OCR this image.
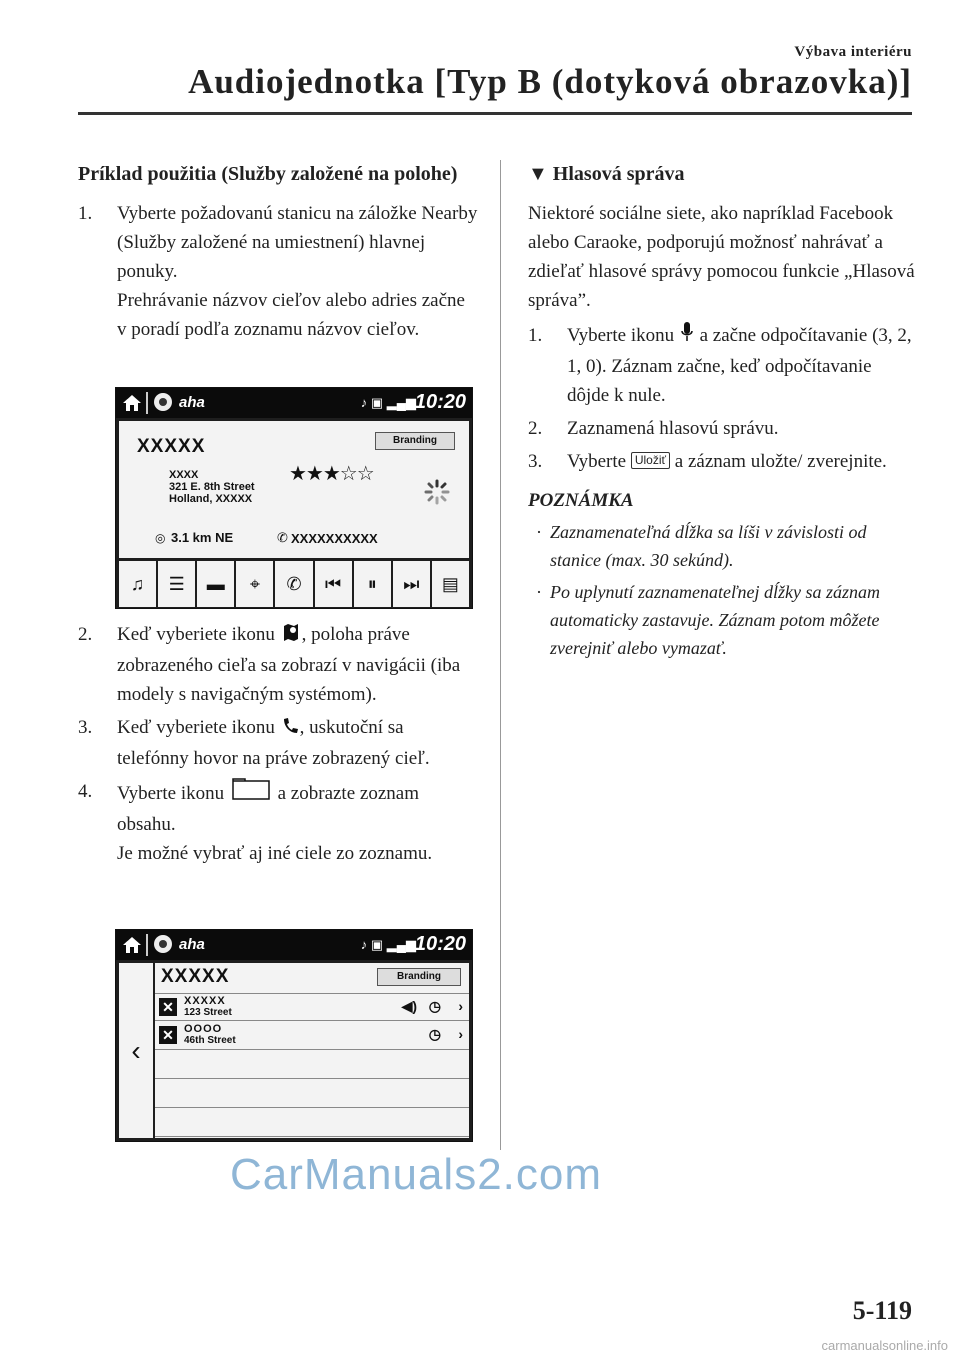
Výbava interiéru
Audiojednotka [Typ B (dotyková obrazovka)]
Príklad použitia (Služby založené na polohe)
1. Vyberte požadovanú stanicu na záložke Nearby (Služby založené na umiestnení) hlavnej ponuky.
Prehrávanie názvov cieľov alebo adries začne v poradí podľa zoznamu názvov cieľov.
aha	♪ ▣ ▂▄▆
10:20
XXXXX	Branding
XXXX
321 E. 8th Street
Holland, XXXXX
★★★☆☆
◎ 3.1 km NE	✆ XXXXXXXXXX
♫	☰	▬	⌖	✆	⏮	⏸	⏭	▤
2. Keď vyberiete ikonu , poloha práve zobrazeného cieľa sa zobrazí v navigácii (iba modely s navigačným systémom).
3. Keď vyberiete ikonu , uskutoční sa telefónny hovor na práve zobrazený cieľ.
4. Vyberte ikonu	a zobrazte zoznam obsahu.
Je možné vybrať aj iné ciele zo zoznamu.
aha	♪ ▣ ▂▄▆
10:20
‹
XXXXX	Branding
✕ XXXXX
123 Street	◀) ◷ ›
✕ OOOO
46th Street	◷ ›
▼ Hlasová správa
Niektoré sociálne siete, ako napríklad Facebook alebo Caraoke, podporujú možnosť nahrávať a zdieľať hlasové správy pomocou funkcie „Hlasová správa”.
1. Vyberte ikonu a začne odpočítavanie (3, 2, 1, 0). Záznam začne, keď odpočítavanie dôjde k nule.
2. Zaznamená hlasovú správu.
3. Vyberte Uložiť a záznam uložte/ zverejnite.
POZNÁMKA
· Zaznamenateľná dĺžka sa líši v závislosti od stanice (max. 30 sekúnd).
· Po uplynutí zaznamenateľnej dĺžky sa záznam automaticky zastavuje. Záznam potom môžete zverejniť alebo vymazať.
CarManuals2.com
5-119
carmanualsonline.info
